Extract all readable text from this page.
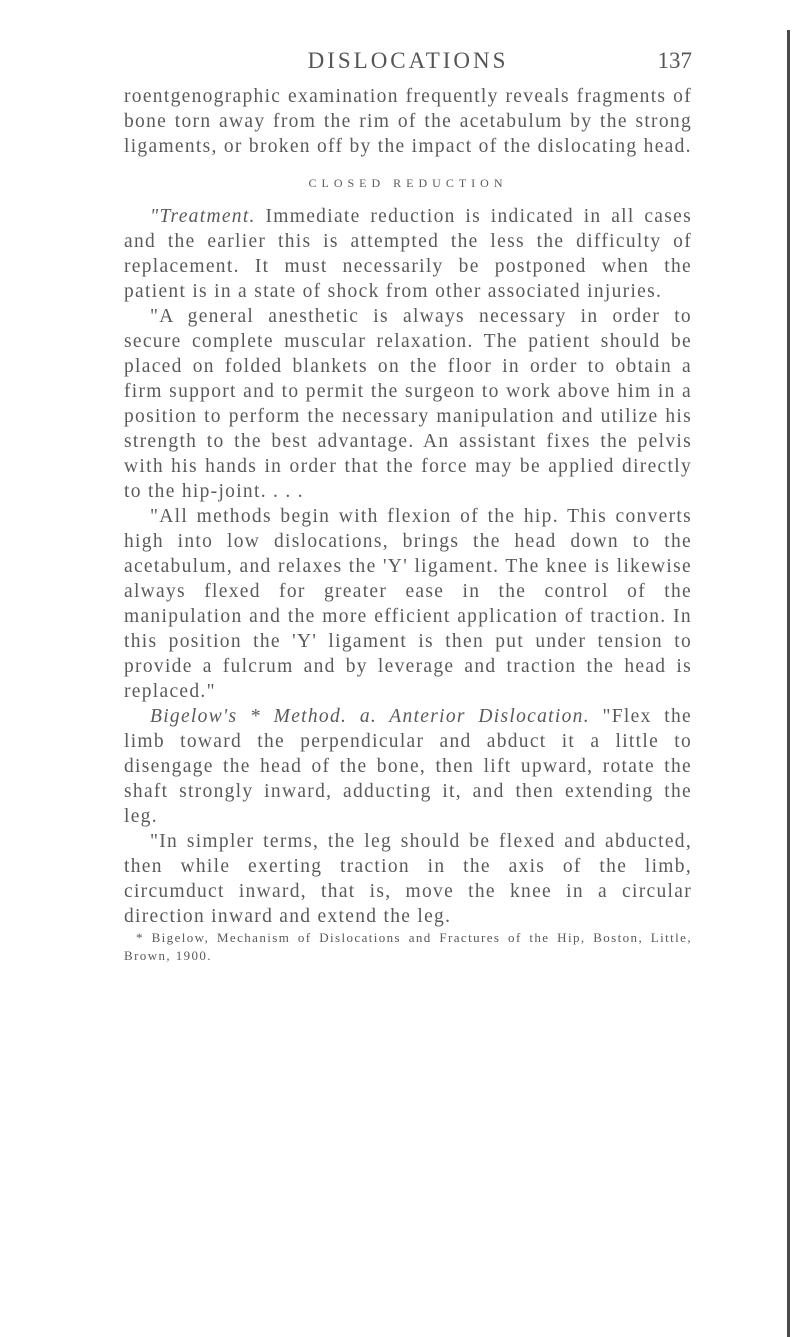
DISLOCATIONS	137

roentgenographic examination frequently reveals fragments of bone torn away from the rim of the acetabulum by the strong ligaments, or broken off by the impact of the dislocating head.

CLOSED REDUCTION

"Treatment. Immediate reduction is indicated in all cases and the earlier this is attempted the less the difficulty of replacement. It must necessarily be postponed when the patient is in a state of shock from other associated injuries.

"A general anesthetic is always necessary in order to secure complete muscular relaxation. The patient should be placed on folded blankets on the floor in order to obtain a firm support and to permit the surgeon to work above him in a position to perform the necessary manipulation and utilize his strength to the best advantage. An assistant fixes the pelvis with his hands in order that the force may be applied directly to the hip-joint. . . .

"All methods begin with flexion of the hip. This converts high into low dislocations, brings the head down to the acetabulum, and relaxes the 'Y' ligament. The knee is likewise always flexed for greater ease in the control of the manipulation and the more efficient application of traction. In this position the 'Y' ligament is then put under tension to provide a fulcrum and by leverage and traction the head is replaced."

Bigelow's * Method. a. Anterior Dislocation. "Flex the limb toward the perpendicular and abduct it a little to disengage the head of the bone, then lift upward, rotate the shaft strongly inward, adducting it, and then extending the leg.

"In simpler terms, the leg should be flexed and abducted, then while exerting traction in the axis of the limb, circumduct inward, that is, move the knee in a circular direction inward and extend the leg.

* Bigelow, Mechanism of Dislocations and Fractures of the Hip, Boston, Little, Brown, 1900.
